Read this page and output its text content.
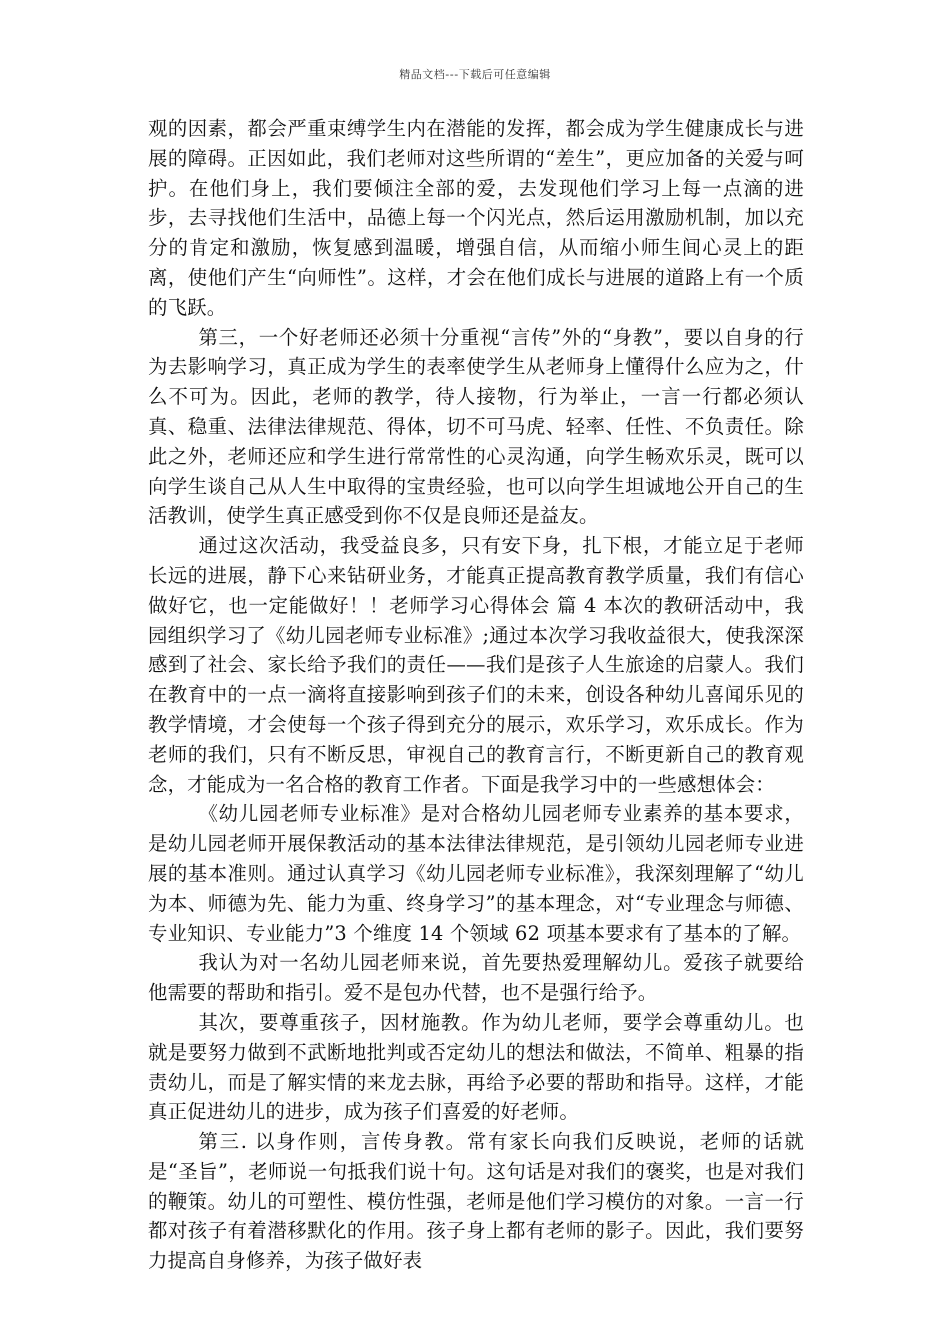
精品文档---下载后可任意编辑

观的因素，都会严重束缚学生内在潜能的发挥，都会成为学生健康成长与进展的障碍。正因如此，我们老师对这些所谓的“差生”，更应加备的关爱与呵护。在他们身上，我们要倾注全部的爱，去发现他们学习上每一点滴的进步，去寻找他们生活中，品德上每一个闪光点，然后运用激励机制，加以充分的肯定和激励，恢复感到温暖，增强自信，从而缩小师生间心灵上的距离，使他们产生“向师性”。这样，才会在他们成长与进展的道路上有一个质的飞跃。

第三，一个好老师还必须十分重视“言传”外的“身教”，要以自身的行为去影响学习，真正成为学生的表率使学生从老师身上懂得什么应为之，什么不可为。因此，老师的教学，待人接物，行为举止，一言一行都必须认真、稳重、法律法律规范、得体，切不可马虎、轻率、任性、不负责任。除此之外，老师还应和学生进行常常性的心灵沟通，向学生畅欢乐灵，既可以向学生谈自己从人生中取得的宝贵经验，也可以向学生坦诚地公开自己的生活教训，使学生真正感受到你不仅是良师还是益友。

通过这次活动，我受益良多，只有安下身，扎下根，才能立足于老师长远的进展，静下心来钻研业务，才能真正提高教育教学质量，我们有信心做好它，也一定能做好！！老师学习心得体会 篇 4 本次的教研活动中，我园组织学习了《幼儿园老师专业标准》;通过本次学习我收益很大，使我深深感到了社会、家长给予我们的责任——我们是孩子人生旅途的启蒙人。我们在教育中的一点一滴将直接影响到孩子们的未来，创设各种幼儿喜闻乐见的教学情境，才会使每一个孩子得到充分的展示，欢乐学习，欢乐成长。作为老师的我们，只有不断反思，审视自己的教育言行，不断更新自己的教育观念，才能成为一名合格的教育工作者。下面是我学习中的一些感想体会：

《幼儿园老师专业标准》是对合格幼儿园老师专业素养的基本要求，是幼儿园老师开展保教活动的基本法律法律规范，是引领幼儿园老师专业进展的基本准则。通过认真学习《幼儿园老师专业标准》，我深刻理解了“幼儿为本、师德为先、能力为重、终身学习”的基本理念，对“专业理念与师德、专业知识、专业能力”3 个维度 14 个领域 62 项基本要求有了基本的了解。

我认为对一名幼儿园老师来说，首先要热爱理解幼儿。爱孩子就要给他需要的帮助和指引。爱不是包办代替，也不是强行给予。

其次，要尊重孩子，因材施教。作为幼儿老师，要学会尊重幼儿。也就是要努力做到不武断地批判或否定幼儿的想法和做法，不简单、粗暴的指责幼儿，而是了解实情的来龙去脉，再给予必要的帮助和指导。这样，才能真正促进幼儿的进步，成为孩子们喜爱的好老师。

第三. 以身作则，言传身教。常有家长向我们反映说，老师的话就是“圣旨”，老师说一句抵我们说十句。这句话是对我们的褒奖，也是对我们的鞭策。幼儿的可塑性、模仿性强，老师是他们学习模仿的对象。一言一行都对孩子有着潜移默化的作用。孩子身上都有老师的影子。因此，我们要努力提高自身修养，为孩子做好表
